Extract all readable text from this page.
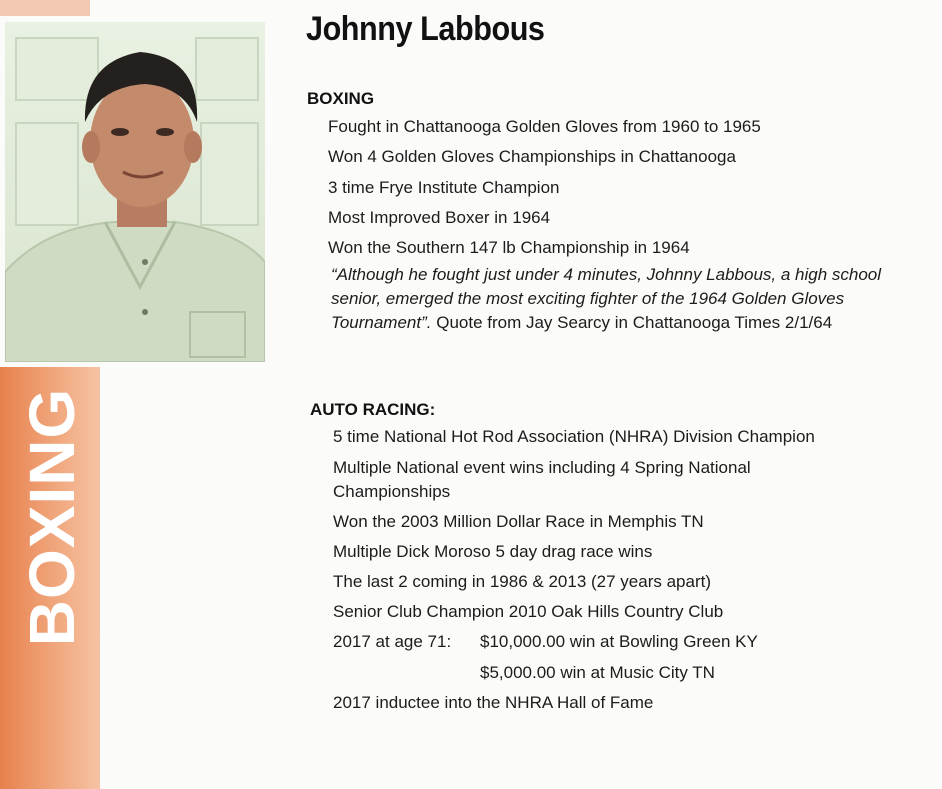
BOXING
Johnny Labbous
BOXING
Fought in Chattanooga Golden Gloves from 1960 to 1965
Won 4 Golden Gloves Championships in Chattanooga
3 time Frye Institute Champion
Most Improved Boxer in 1964
Won the Southern 147 lb Championship in 1964
“Although he fought just under 4 minutes, Johnny Labbous, a high school senior, emerged the most exciting fighter of the 1964 Golden Gloves Tournament”. Quote from Jay Searcy in Chattanooga Times 2/1/64
AUTO RACING:
5 time National Hot Rod Association (NHRA) Division Champion
Multiple National event wins including 4 Spring National
Championships
Won the 2003 Million Dollar Race in Memphis TN
Multiple Dick Moroso 5 day drag race wins
The last 2 coming in 1986 & 2013 (27 years apart)
Senior Club Champion 2010 Oak Hills Country Club
2017 at age 71: $10,000.00 win at Bowling Green KY
$5,000.00 win at Music City TN
2017 inductee into the NHRA Hall of Fame
